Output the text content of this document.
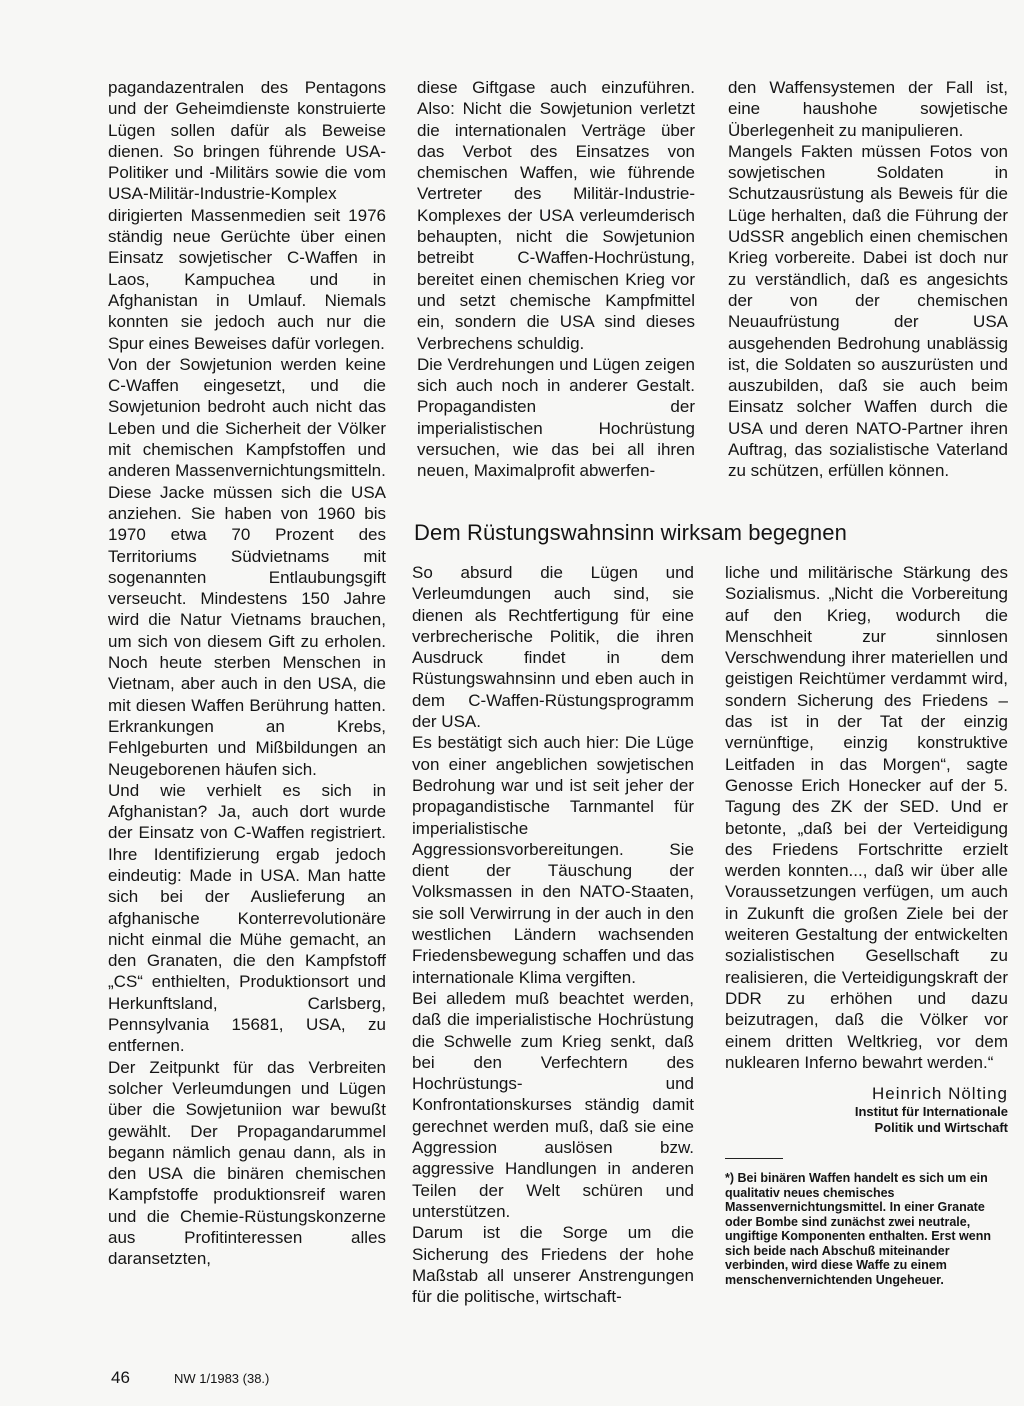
pagandazentralen des Pentagons und der Geheimdienste konstruierte Lügen sollen dafür als Beweise dienen. So bringen führende USA-Politiker und -Militärs sowie die vom USA-Militär-Industrie-Komplex dirigierten Massenmedien seit 1976 ständig neue Gerüchte über einen Einsatz sowjetischer C-Waffen in Laos, Kampuchea und in Afghanistan in Umlauf. Niemals konnten sie jedoch auch nur die Spur eines Beweises dafür vorlegen.

Von der Sowjetunion werden keine C-Waffen eingesetzt, und die Sowjetunion bedroht auch nicht das Leben und die Sicherheit der Völker mit chemischen Kampfstoffen und anderen Massenvernichtungsmitteln.

Diese Jacke müssen sich die USA anziehen. Sie haben von 1960 bis 1970 etwa 70 Prozent des Territoriums Südvietnams mit sogenannten Entlaubungsgift verseucht. Mindestens 150 Jahre wird die Natur Vietnams brauchen, um sich von diesem Gift zu erholen. Noch heute sterben Menschen in Vietnam, aber auch in den USA, die mit diesen Waffen Berührung hatten. Erkrankungen an Krebs, Fehlgeburten und Mißbildungen an Neugeborenen häufen sich.

Und wie verhielt es sich in Afghanistan? Ja, auch dort wurde der Einsatz von C-Waffen registriert. Ihre Identifizierung ergab jedoch eindeutig: Made in USA. Man hatte sich bei der Auslieferung an afghanische Konterrevolutionäre nicht einmal die Mühe gemacht, an den Granaten, die den Kampfstoff „CS“ enthielten, Produktionsort und Herkunftsland, Carlsberg, Pennsylvania 15681, USA, zu entfernen.

Der Zeitpunkt für das Verbreiten solcher Verleumdungen und Lügen über die Sowjetuniion war bewußt gewählt. Der Propagandarummel begann nämlich genau dann, als in den USA die binären chemischen Kampfstoffe produktionsreif waren und die Chemie-Rüstungskonzerne aus Profitinteressen alles daransetzten,

diese Giftgase auch einzuführen. Also: Nicht die Sowjetunion verletzt die internationalen Verträge über das Verbot des Einsatzes von chemischen Waffen, wie führende Vertreter des Militär-Industrie-Komplexes der USA verleumderisch behaupten, nicht die Sowjetunion betreibt C-Waffen-Hochrüstung, bereitet einen chemischen Krieg vor und setzt chemische Kampfmittel ein, sondern die USA sind dieses Verbrechens schuldig.

Die Verdrehungen und Lügen zeigen sich auch noch in anderer Gestalt. Propagandisten der imperialistischen Hochrüstung versuchen, wie das bei all ihren neuen, Maximalprofit abwerfen-

den Waffensystemen der Fall ist, eine haushohe sowjetische Überlegenheit zu manipulieren.

Mangels Fakten müssen Fotos von sowjetischen Soldaten in Schutzausrüstung als Beweis für die Lüge herhalten, daß die Führung der UdSSR angeblich einen chemischen Krieg vorbereite. Dabei ist doch nur zu verständlich, daß es angesichts der von der chemischen Neuaufrüstung der USA ausgehenden Bedrohung unablässig ist, die Soldaten so auszurüsten und auszubilden, daß sie auch beim Einsatz solcher Waffen durch die USA und deren NATO-Partner ihren Auftrag, das sozialistische Vaterland zu schützen, erfüllen können.

Dem Rüstungswahnsinn wirksam begegnen

So absurd die Lügen und Verleumdungen auch sind, sie dienen als Rechtfertigung für eine verbrecherische Politik, die ihren Ausdruck findet in dem Rüstungswahnsinn und eben auch in dem C-Waffen-Rüstungsprogramm der USA.

Es bestätigt sich auch hier: Die Lüge von einer angeblichen sowjetischen Bedrohung war und ist seit jeher der propagandistische Tarnmantel für imperialistische Aggressionsvorbereitungen. Sie dient der Täuschung der Volksmassen in den NATO-Staaten, sie soll Verwirrung in der auch in den westlichen Ländern wachsenden Friedensbewegung schaffen und das internationale Klima vergiften.

Bei alledem muß beachtet werden, daß die imperialistische Hochrüstung die Schwelle zum Krieg senkt, daß bei den Verfechtern des Hochrüstungs- und Konfrontationskurses ständig damit gerechnet werden muß, daß sie eine Aggression auslösen bzw. aggressive Handlungen in anderen Teilen der Welt schüren und unterstützen.

Darum ist die Sorge um die Sicherung des Friedens der hohe Maßstab all unserer Anstrengungen für die politische, wirtschaft-

liche und militärische Stärkung des Sozialismus. „Nicht die Vorbereitung auf den Krieg, wodurch die Menschheit zur sinnlosen Verschwendung ihrer materiellen und geistigen Reichtümer verdammt wird, sondern Sicherung des Friedens – das ist in der Tat der einzig vernünftige, einzig konstruktive Leitfaden in das Morgen“, sagte Genosse Erich Honecker auf der 5. Tagung des ZK der SED. Und er betonte, „daß bei der Verteidigung des Friedens Fortschritte erzielt werden konnten..., daß wir über alle Voraussetzungen verfügen, um auch in Zukunft die großen Ziele bei der weiteren Gestaltung der entwickelten sozialistischen Gesellschaft zu realisieren, die Verteidigungskraft der DDR zu erhöhen und dazu beizutragen, daß die Völker vor einem dritten Weltkrieg, vor dem nuklearen Inferno bewahrt werden.“

Heinrich Nölting
Institut für Internationale
Politik und Wirtschaft
*) Bei binären Waffen handelt es sich um ein qualitativ neues chemisches Massenvernichtungsmittel. In einer Granate oder Bombe sind zunächst zwei neutrale, ungiftige Komponenten enthalten. Erst wenn sich beide nach Abschuß miteinander verbinden, wird diese Waffe zu einem menschenvernichtenden Ungeheuer.
46	NW 1/1983 (38.)
